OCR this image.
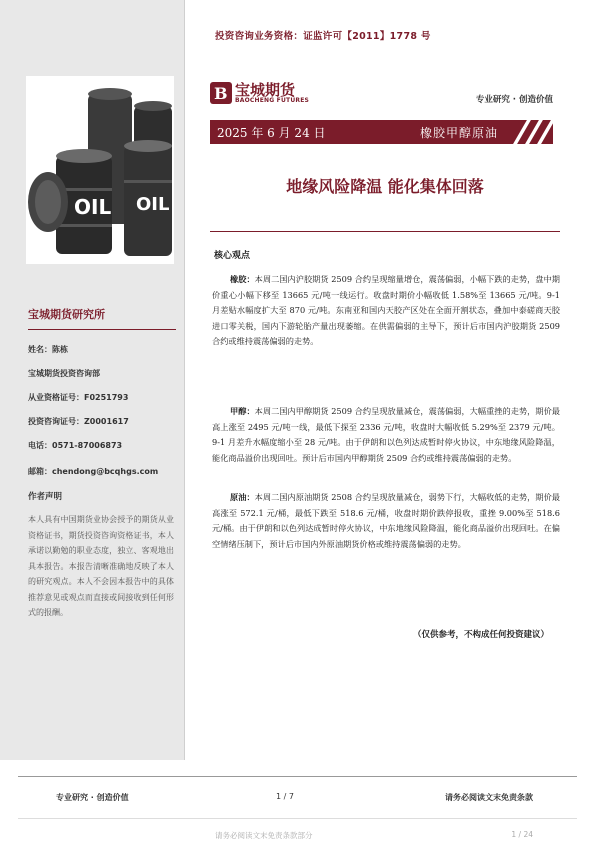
OIL OIL
宝城期货研究所
姓名：陈栋
宝城期货投资咨询部
从业资格证号：F0251793
投资咨询证号：Z0001617
电话：0571-87006873
邮箱：chendong@bcqhgs.com
作者声明
本人具有中国期货业协会授予的期货从业资格证书，期货投资咨询资格证书，本人承诺以勤勉的职业态度，独立、客观地出具本报告。本报告清晰准确地反映了本人的研究观点。本人不会因本报告中的具体推荐意见或观点而直接或间接收到任何形式的报酬。
投资咨询业务资格：证监许可【2011】1778 号
B 宝城期货
BAOCHENG FUTURES	专业研究 · 创造价值
2025 年 6 月 24 日	橡胶甲醇原油
地缘风险降温 能化集体回落
核心观点
橡胶：本周二国内沪胶期货 2509 合约呈现缩量增仓，震荡偏弱，小幅下跌的走势，盘中期价重心小幅下移至 13665 元/吨一线运行。收盘时期价小幅收低 1.58%至 13665 元/吨。9-1 月差贴水幅度扩大至 870 元/吨。东南亚和国内天胶产区处在全面开割状态，叠加中泰磋商天胶进口零关税，国内下游轮胎产量出现萎缩。在供需偏弱的主导下，预计后市国内沪胶期货 2509 合约或维持震荡偏弱的走势。
甲醇：本周二国内甲醇期货 2509 合约呈现放量减仓，震荡偏弱，大幅重挫的走势，期价最高上涨至 2495 元/吨一线，最低下探至 2336 元/吨，收盘时大幅收低 5.29%至 2379 元/吨。9-1 月差升水幅度缩小至 28 元/吨。由于伊朗和以色列达成暂时停火协议，中东地缘风险降温，能化商品溢价出现回吐。预计后市国内甲醇期货 2509 合约或维持震荡偏弱的走势。
原油：本周二国内原油期货 2508 合约呈现放量减仓，弱势下行，大幅收低的走势，期价最高涨至 572.1 元/桶，最低下跌至 518.6 元/桶，收盘时期价跌停报收，重挫 9.00%至 518.6 元/桶。由于伊朗和以色列达成暂时停火协议，中东地缘风险降温，能化商品溢价出现回吐。在偏空情绪压制下，预计后市国内外原油期货价格或维持震荡偏弱的走势。
（仅供参考，不构成任何投资建议）
专业研究 · 创造价值	1 / 7	请务必阅读文末免责条款
请务必阅读文末免责条款部分	1 / 24
